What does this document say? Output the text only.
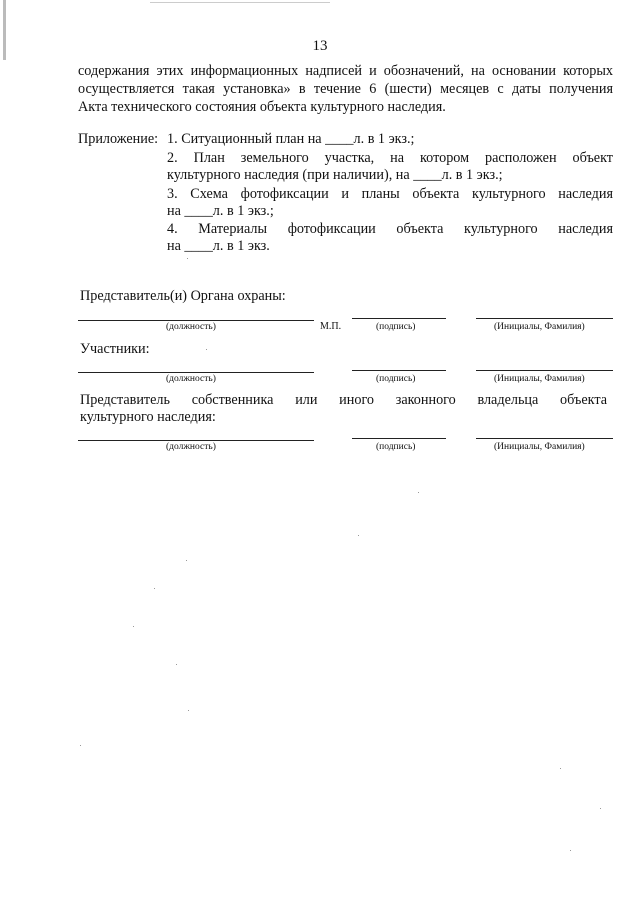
13
содержания этих информационных надписей и обозначений, на основании которых
осуществляется такая установка» в течение 6 (шести) месяцев с даты получения
Акта технического состояния объекта культурного наследия.
Приложение: 1. Ситуационный план на ____л. в 1 экз.;
2. План земельного участка, на котором расположен объект
культурного наследия (при наличии), на ____л. в 1 экз.;
3. Схема фотофиксации и планы объекта культурного наследия
на ____л. в 1 экз.;
4. Материалы фотофиксации объекта культурного наследия
на ____л. в 1 экз.
Представитель(и) Органа охраны:
(должность)	М.П.	(подпись)	(Инициалы, Фамилия)
Участники:
(должность)	(подпись)	(Инициалы, Фамилия)
Представитель собственника или иного законного владельца объекта
культурного наследия:
(должность)	(подпись)	(Инициалы, Фамилия)
